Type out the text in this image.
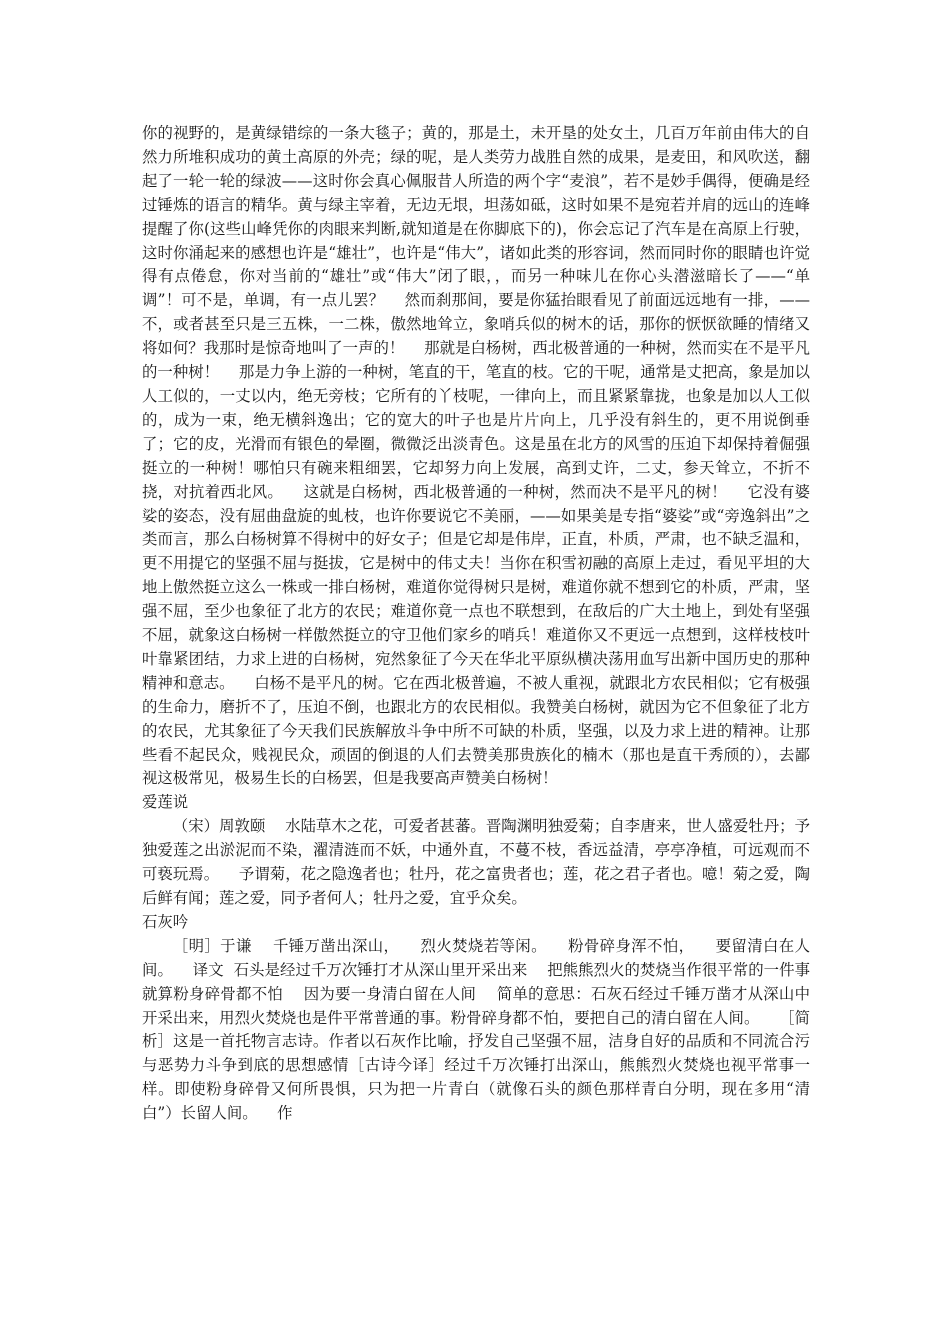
你的视野的，是黄绿错综的一条大毯子；黄的，那是土，未开垦的处女土，几百万年前由伟大的自然力所堆积成功的黄土高原的外壳；绿的呢，是人类劳力战胜自然的成果，是麦田，和风吹送，翻起了一轮一轮的绿波——这时你会真心佩服昔人所造的两个字“麦浪”，若不是妙手偶得，便确是经过锤炼的语言的精华。黄与绿主宰着，无边无垠，坦荡如砥，这时如果不是宛若并肩的远山的连峰提醒了你(这些山峰凭你的肉眼来判断,就知道是在你脚底下的)，你会忘记了汽车是在高原上行驶，这时你涌起来的感想也许是“雄壮”，也许是“伟大”，诸如此类的形容词，然而同时你的眼睛也许觉得有点倦怠，你对当前的“雄壮”或“伟大”闭了眼，，而另一种味儿在你心头潜滋暗长了——“单调”！可不是，单调，有一点儿罢？    然而刹那间，要是你猛抬眼看见了前面远远地有一排，——不，或者甚至只是三五株，一二株，傲然地耸立，象哨兵似的树木的话，那你的恹恹欲睡的情绪又将如何？我那时是惊奇地叫了一声的！    那就是白杨树，西北极普通的一种树，然而实在不是平凡的一种树！    那是力争上游的一种树，笔直的干，笔直的枝。它的干呢，通常是丈把高，象是加以人工似的，一丈以内，绝无旁枝；它所有的丫枝呢，一律向上，而且紧紧靠拢，也象是加以人工似的，成为一束，绝无横斜逸出；它的宽大的叶子也是片片向上，几乎没有斜生的，更不用说倒垂了；它的皮，光滑而有银色的晕圈，微微泛出淡青色。这是虽在北方的风雪的压迫下却保持着倔强挺立的一种树！哪怕只有碗来粗细罢，它却努力向上发展，高到丈许，二丈，参天耸立，不折不挠，对抗着西北风。    这就是白杨树，西北极普通的一种树，然而决不是平凡的树！    它没有婆娑的姿态，没有屈曲盘旋的虬枝，也许你要说它不美丽，——如果美是专指“婆娑”或“旁逸斜出”之类而言，那么白杨树算不得树中的好女子；但是它却是伟岸，正直，朴质，严肃，也不缺乏温和，更不用提它的坚强不屈与挺拔，它是树中的伟丈夫！当你在积雪初融的高原上走过，看见平坦的大地上傲然挺立这么一株或一排白杨树，难道你觉得树只是树，难道你就不想到它的朴质，严肃，坚强不屈，至少也象征了北方的农民；难道你竟一点也不联想到，在敌后的广大土地上，到处有坚强不屈，就象这白杨树一样傲然挺立的守卫他们家乡的哨兵！难道你又不更远一点想到，这样枝枝叶叶靠紧团结，力求上进的白杨树，宛然象征了今天在华北平原纵横决荡用血写出新中国历史的那种精神和意志。    白杨不是平凡的树。它在西北极普遍，不被人重视，就跟北方农民相似；它有极强的生命力，磨折不了，压迫不倒，也跟北方的农民相似。我赞美白杨树，就因为它不但象征了北方的农民，尤其象征了今天我们民族解放斗争中所不可缺的朴质，坚强，以及力求上进的精神。让那些看不起民众，贱视民众，顽固的倒退的人们去赞美那贵族化的楠木（那也是直干秀颀的），去鄙视这极常见，极易生长的白杨罢，但是我要高声赞美白杨树！

爱莲说

（宋）周敦颐    水陆草木之花，可爱者甚蕃。晋陶渊明独爱菊；自李唐来，世人盛爱牡丹；予独爱莲之出淤泥而不染，濯清涟而不妖，中通外直，不蔓不枝，香远益清，亭亭净植，可远观而不可亵玩焉。    予谓菊，花之隐逸者也；牡丹，花之富贵者也；莲，花之君子者也。噫！菊之爱，陶后鲜有闻；莲之爱，同予者何人；牡丹之爱，宜乎众矣。

石灰吟

［明］于谦    千锤万凿出深山，    烈火焚烧若等闲。    粉骨碎身浑不怕，    要留清白在人间。    译文  石头是经过千万次锤打才从深山里开采出来    把熊熊烈火的焚烧当作很平常的一件事    就算粉身碎骨都不怕    因为要一身清白留在人间    简单的意思：石灰石经过千锤万凿才从深山中开采出来，用烈火焚烧也是件平常普通的事。粉骨碎身都不怕，要把自己的清白留在人间。    ［简析］这是一首托物言志诗。作者以石灰作比喻，抒发自己坚强不屈，洁身自好的品质和不同流合污与恶势力斗争到底的思想感情［古诗今译］经过千万次锤打出深山，熊熊烈火焚烧也视平常事一样。即使粉身碎骨又何所畏惧，只为把一片青白（就像石头的颜色那样青白分明，现在多用“清白”）长留人间。    作
